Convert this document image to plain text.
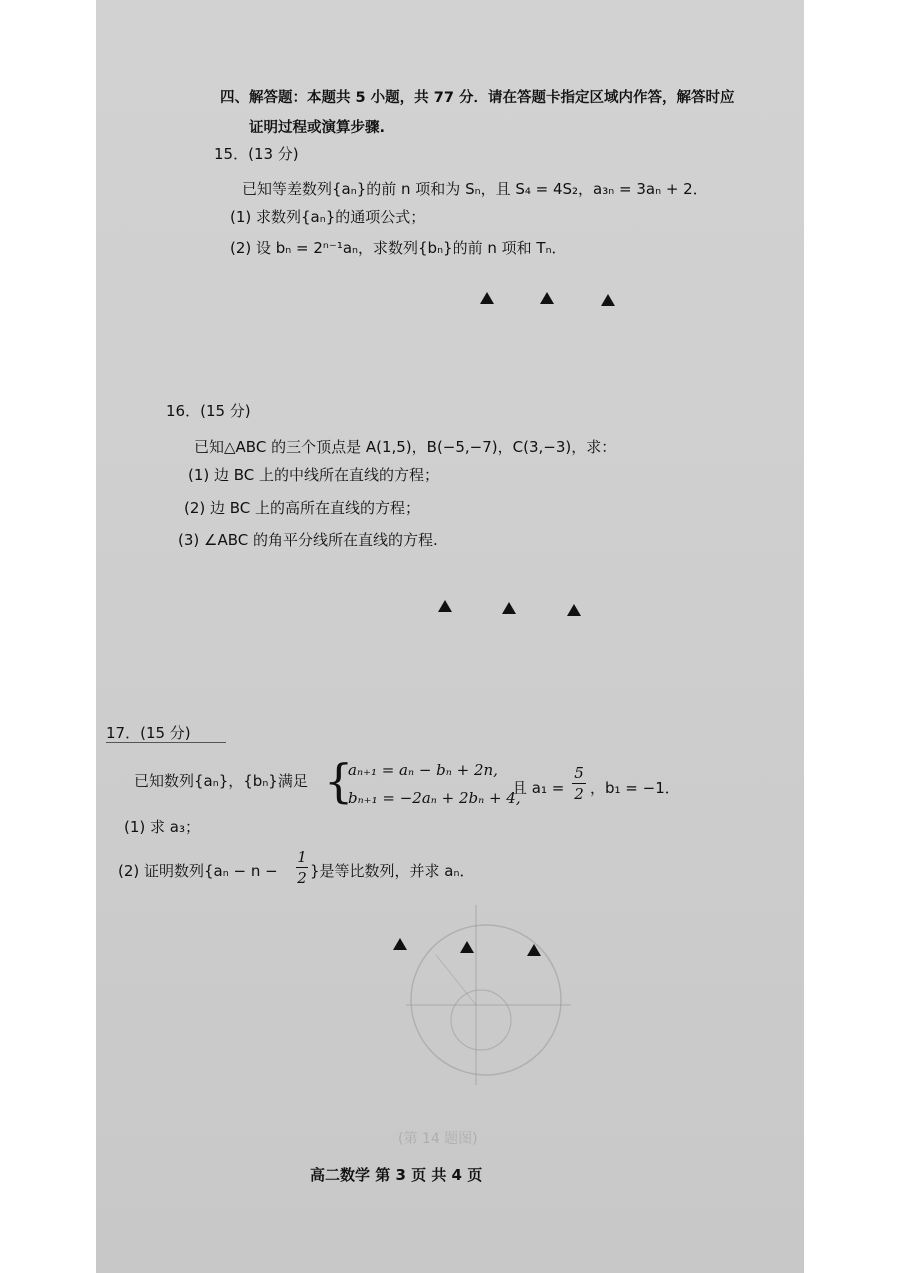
(第 14 题图)
四、解答题：本题共 5 小题，共 77 分．请在答题卡指定区域内作答，解答时应
证明过程或演算步骤.
15．(13 分)
已知等差数列{aₙ}的前 n 项和为 Sₙ，且 S₄ = 4S₂，a₃ₙ = 3aₙ + 2．
(1) 求数列{aₙ}的通项公式；
(2) 设 bₙ = 2ⁿ⁻¹aₙ，求数列{bₙ}的前 n 项和 Tₙ．
16．(15 分)
已知△ABC 的三个顶点是 A(1,5)，B(−5,−7)，C(3,−3)，求：
(1) 边 BC 上的中线所在直线的方程；
(2) 边 BC 上的高所在直线的方程；
(3) ∠ABC 的角平分线所在直线的方程.
17．(15 分)
已知数列{aₙ}，{bₙ}满足 {
aₙ₊₁ = aₙ − bₙ + 2n,
bₙ₊₁ = −2aₙ + 2bₙ + 4,
且 a₁ =
5
2 ，b₁ = −1．
(1) 求 a₃；
(2) 证明数列{aₙ − n −
1
2 }是等比数列，并求 aₙ．
高二数学 第 3 页 共 4 页
